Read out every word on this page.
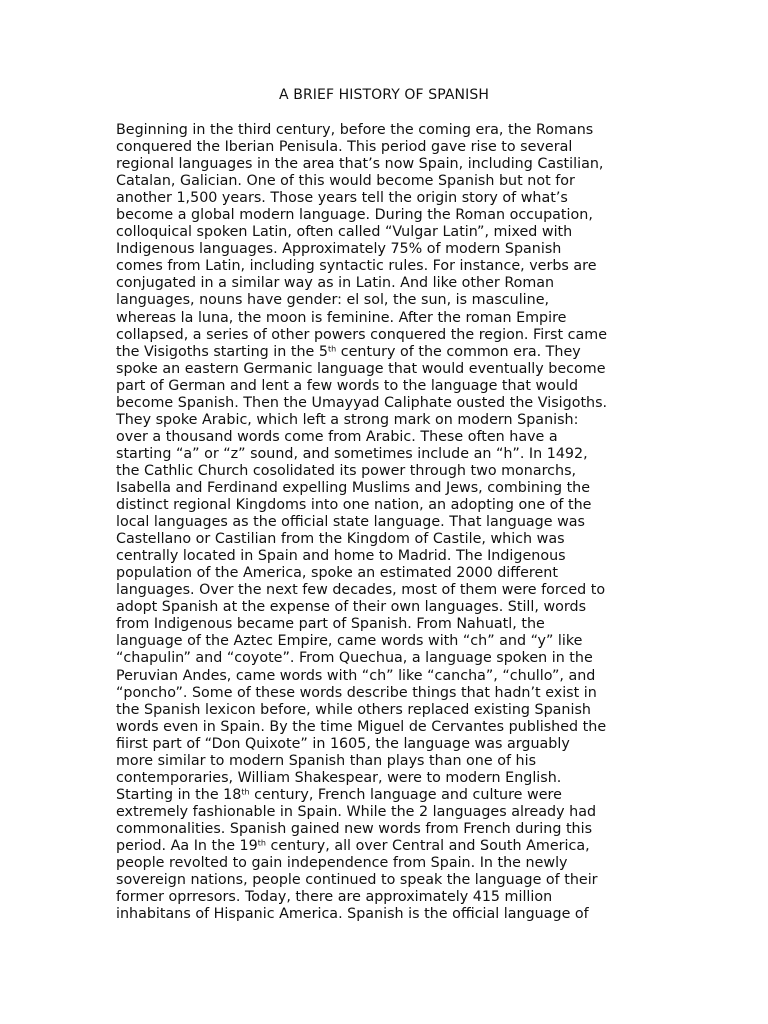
A BRIEF HISTORY OF SPANISH
Beginning in the third century, before the coming era, the Romans
conquered the Iberian Penisula. This period gave rise to several
regional languages in the area that’s now Spain, including Castilian,
Catalan, Galician. One of this would become Spanish but not for
another 1,500 years. Those years tell the origin story of what’s
become a global modern language. During the Roman occupation,
colloquical spoken Latin, often called “Vulgar Latin”, mixed with
Indigenous languages. Approximately 75% of modern Spanish
comes from Latin, including syntactic rules. For instance, verbs are
conjugated in a similar way as in Latin. And like other Roman
languages, nouns have gender: el sol, the sun, is masculine,
whereas la luna, the moon is feminine. After the roman Empire
collapsed, a series of other powers conquered the region. First came
the Visigoths starting in the 5th century of the common era. They
spoke an eastern Germanic language that would eventually become
part of German and lent a few words to the language that would
become Spanish. Then the Umayyad Caliphate ousted the Visigoths.
They spoke Arabic, which left a strong mark on modern Spanish:
over a thousand words come from Arabic. These often have a
starting “a” or “z” sound, and sometimes include an “h”. In 1492,
the Cathlic Church cosolidated its power through two monarchs,
Isabella and Ferdinand expelling Muslims and Jews, combining the
distinct regional Kingdoms into one nation, an adopting one of the
local languages as the official state language. That language was
Castellano or Castilian from the Kingdom of Castile, which was
centrally located in Spain and home to Madrid. The Indigenous
population of the America, spoke an estimated 2000 different
languages. Over the next few decades, most of them were forced to
adopt Spanish at the expense of their own languages. Still, words
from Indigenous became part of Spanish. From Nahuatl, the
language of the Aztec Empire, came words with “ch” and “y” like
“chapulin” and “coyote”. From Quechua, a language spoken in the
Peruvian Andes, came words with “ch” like “cancha”, “chullo”, and
“poncho”. Some of these words describe things that hadn’t exist in
the Spanish lexicon before, while others replaced existing Spanish
words even in Spain. By the time Miguel de Cervantes published the
fiirst part of “Don Quixote” in 1605, the language was arguably
more similar to modern Spanish than plays than one of his
contemporaries, William Shakespear, were to modern English.
Starting in the 18th century, French language and culture were
extremely fashionable in Spain. While the 2 languages already had
commonalities. Spanish gained new words from French during this
period. Aa In the 19th century, all over Central and South America,
people revolted to gain independence from Spain. In the newly
sovereign nations, people continued to speak the language of their
former oprresors. Today, there are approximately 415 million
inhabitans of Hispanic America. Spanish is the official language of
